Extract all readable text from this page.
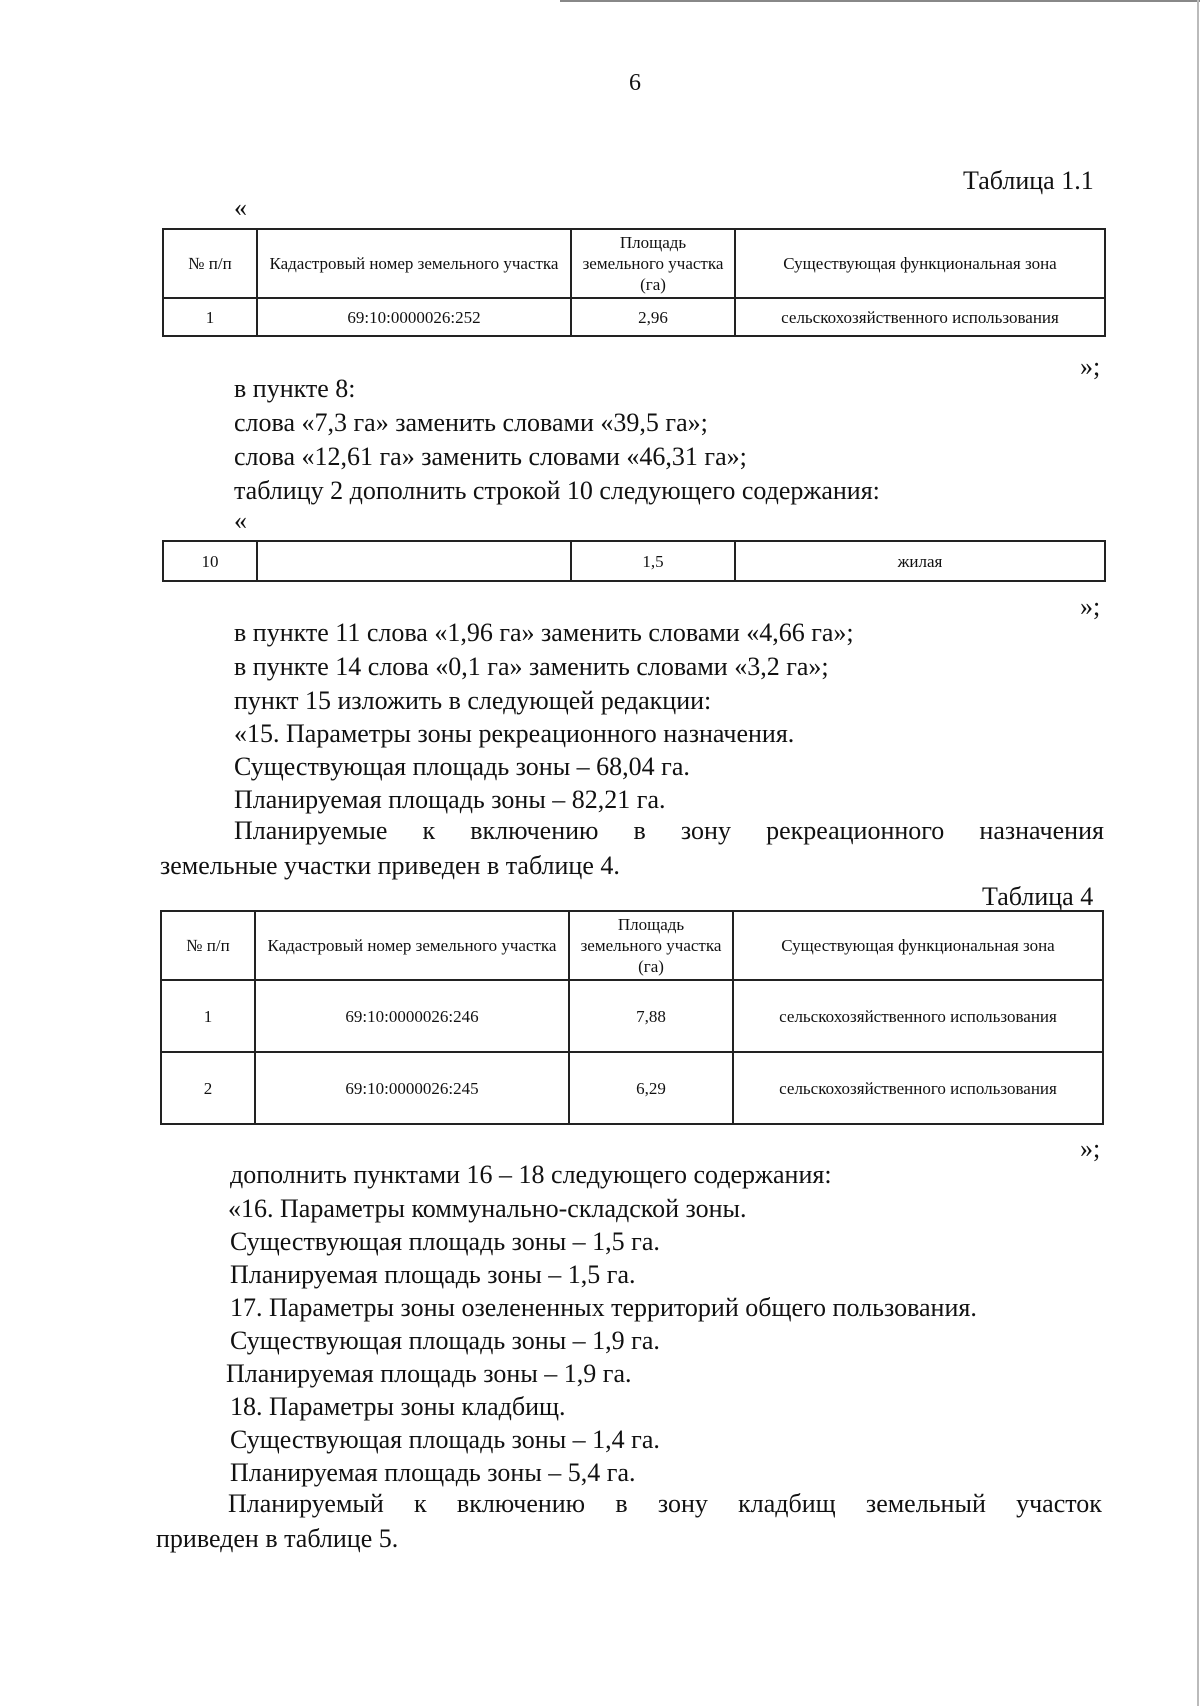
6
Таблица 1.1
«
№ п/п	Кадастровый номер земельного участка	Площадь земельного участка (га)	Существующая функциональная зона
1	69:10:0000026:252	2,96	сельскохозяйственного использования
»;
в пункте 8:
слова «7,3 га» заменить словами «39,5 га»;
слова «12,61 га» заменить словами «46,31 га»;
таблицу 2 дополнить строкой 10 следующего содержания:
«
10		1,5	жилая
»;
в пункте 11 слова «1,96 га» заменить словами «4,66 га»;
в пункте 14 слова «0,1 га» заменить словами «3,2 га»;
пункт 15 изложить в следующей редакции:
«15. Параметры зоны рекреационного назначения.
Существующая площадь зоны – 68,04 га.
Планируемая площадь зоны – 82,21 га.
Планируемые к включению в зону рекреационного назначения
земельные участки приведен в таблице 4.
Таблица 4
№ п/п	Кадастровый номер земельного участка	Площадь земельного участка (га)	Существующая функциональная зона
1	69:10:0000026:246	7,88	сельскохозяйственного использования
2	69:10:0000026:245	6,29	сельскохозяйственного использования
»;
дополнить пунктами 16 – 18 следующего содержания:
«16. Параметры коммунально-складской зоны.
Существующая площадь зоны – 1,5 га.
Планируемая площадь зоны – 1,5 га.
17. Параметры зоны озелененных территорий общего пользования.
Существующая площадь зоны – 1,9 га.
Планируемая площадь зоны – 1,9 га.
18. Параметры зоны кладбищ.
Существующая площадь зоны – 1,4 га.
Планируемая площадь зоны – 5,4 га.
Планируемый к включению в зону кладбищ земельный участок
приведен в таблице 5.
